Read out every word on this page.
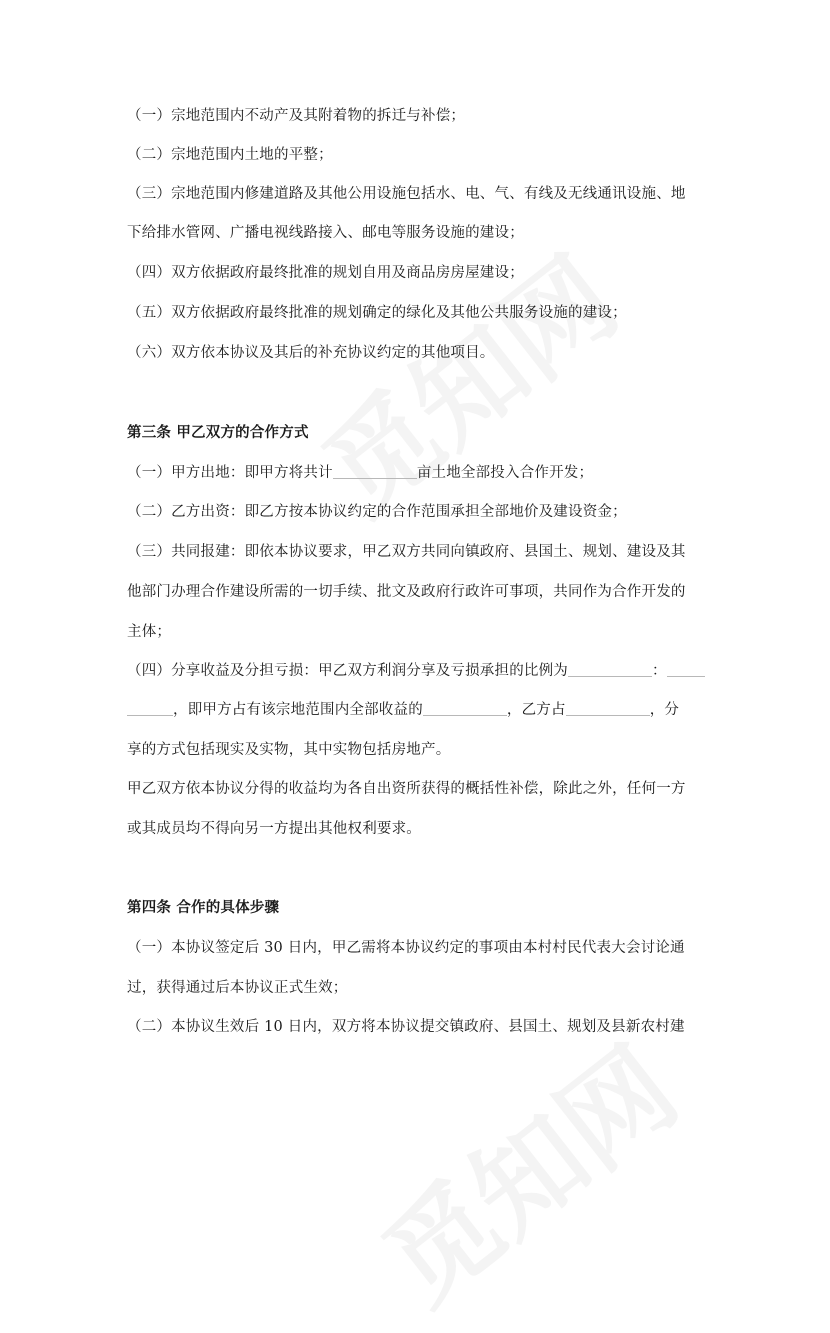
（一）宗地范围内不动产及其附着物的拆迁与补偿；
（二）宗地范围内土地的平整；
（三）宗地范围内修建道路及其他公用设施包括水、电、气、有线及无线通讯设施、地
下给排水管网、广播电视线路接入、邮电等服务设施的建设；
（四）双方依据政府最终批准的规划自用及商品房房屋建设；
（五）双方依据政府最终批准的规划确定的绿化及其他公共服务设施的建设；
（六）双方依本协议及其后的补充协议约定的其他项目。
第三条 甲乙双方的合作方式
（一）甲方出地：即甲方将共计	亩土地全部投入合作开发；
（二）乙方出资：即乙方按本协议约定的合作范围承担全部地价及建设资金；
（三）共同报建：即依本协议要求，甲乙双方共同向镇政府、县国土、规划、建设及其
他部门办理合作建设所需的一切手续、批文及政府行政许可事项，共同作为合作开发的
主体；
（四）分享收益及分担亏损：甲乙双方利润分享及亏损承担的比例为	：
，即甲方占有该宗地范围内全部收益的	，乙方占	，分
享的方式包括现实及实物，其中实物包括房地产。
甲乙双方依本协议分得的收益均为各自出资所获得的概括性补偿，除此之外，任何一方
或其成员均不得向另一方提出其他权利要求。
第四条 合作的具体步骤
（一）本协议签定后 30 日内，甲乙需将本协议约定的事项由本村村民代表大会讨论通
过，获得通过后本协议正式生效；
（二）本协议生效后 10 日内，双方将本协议提交镇政府、县国土、规划及县新农村建
